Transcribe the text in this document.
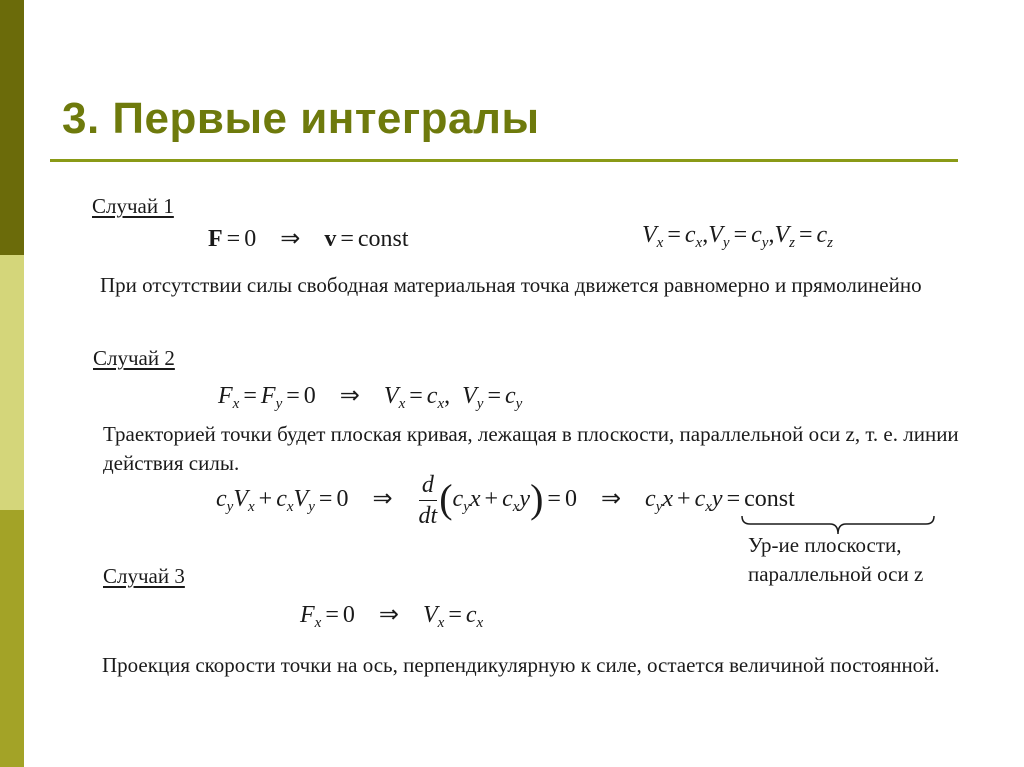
3. Первые интегралы
Случай 1
F = 0 ⇒ v = const	$V_x = c_x,V_y = c_y,V_z = c_z$

При отсутствии силы свободная материальная точка движется равномерно и прямолинейно

Случай 2
$F_x = F_y = 0$ ⇒ $V_x = c_x$,  $V_y = c_y$

Траекторией точки будет плоская кривая, лежащая в плоскости, параллельной оси z, т. е. линии действия силы.

$c_yV_x + c_xV_y = 0$ ⇒ $\frac{d}{dt} (c_yx + c_xy) = 0$ ⇒ $c_yx + c_xy$ = const
Ур-ие плоскости,
параллельной оси z
Случай 3
$F_x = 0$ ⇒ $V_x = c_x$

Проекция скорости точки на ось, перпендикулярную к силе, остается величиной постоянной.
